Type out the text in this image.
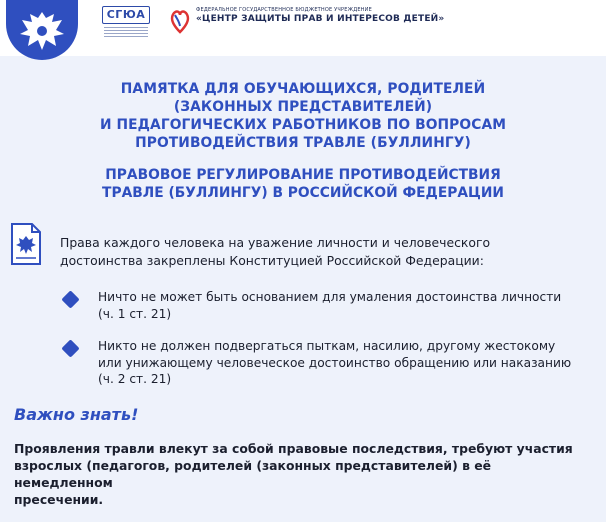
СГЮА	ФЕДЕРАЛЬНОЕ ГОСУДАРСТВЕННОЕ БЮДЖЕТНОЕ УЧРЕЖДЕНИЕ
«ЦЕНТР ЗАЩИТЫ ПРАВ И ИНТЕРЕСОВ ДЕТЕЙ»
ПАМЯТКА ДЛЯ ОБУЧАЮЩИХСЯ, РОДИТЕЛЕЙ
(ЗАКОННЫХ ПРЕДСТАВИТЕЛЕЙ)
И ПЕДАГОГИЧЕСКИХ РАБОТНИКОВ ПО ВОПРОСАМ
ПРОТИВОДЕЙСТВИЯ ТРАВЛЕ (БУЛЛИНГУ)
ПРАВОВОЕ РЕГУЛИРОВАНИЕ ПРОТИВОДЕЙСТВИЯ
ТРАВЛЕ (БУЛЛИНГУ) В РОССИЙСКОЙ ФЕДЕРАЦИИ
Права каждого человека на уважение личности и человеческого
достоинства закреплены Конституцией Российской Федерации:
Ничто не может быть основанием для умаления достоинства личности
(ч. 1 ст. 21)
Никто не должен подвергаться пыткам, насилию, другому жестокому
или унижающему человеческое достоинство обращению или наказанию
(ч. 2 ст. 21)
Важно знать!
Проявления травли влекут за собой правовые последствия, требуют участия
взрослых (педагогов, родителей (законных представителей) в её немедленном
пресечении.
